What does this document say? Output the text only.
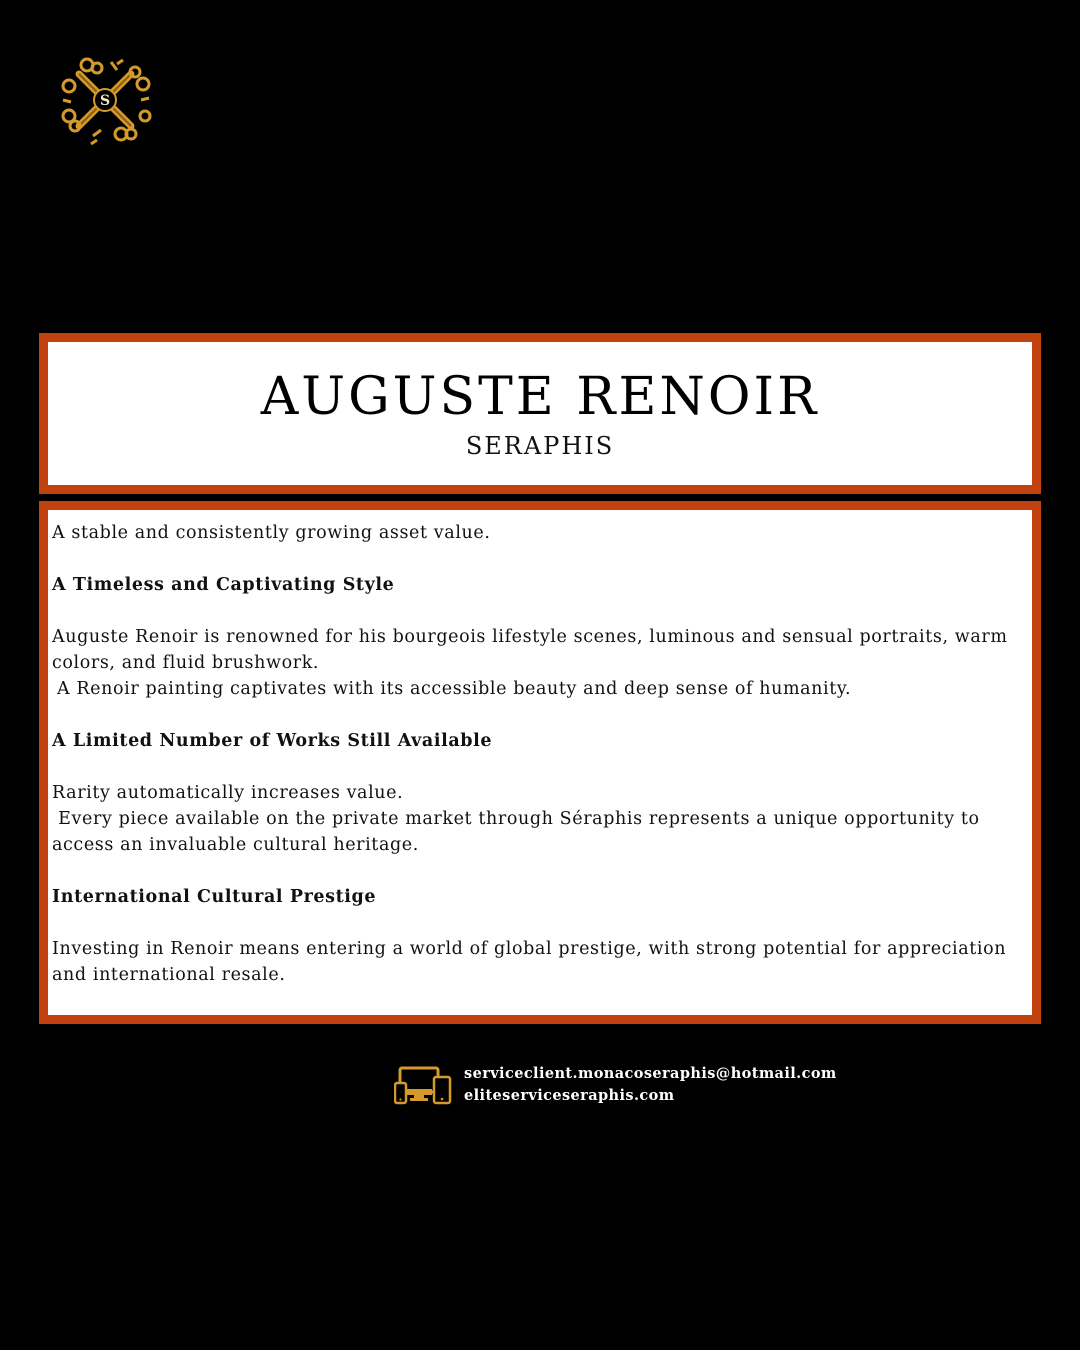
S
AUGUSTE RENOIR
SERAPHIS

A stable and consistently growing asset value.

A Timeless and Captivating Style

Auguste Renoir is renowned for his bourgeois lifestyle scenes, luminous and sensual portraits, warm colors, and fluid brushwork.
A Renoir painting captivates with its accessible beauty and deep sense of humanity.

A Limited Number of Works Still Available

Rarity automatically increases value.
Every piece available on the private market through Séraphis represents a unique opportunity to access an invaluable cultural heritage.

International Cultural Prestige

Investing in Renoir means entering a world of global prestige, with strong potential for appreciation and international resale.

serviceclient.monacoseraphis@hotmail.com
eliteserviceseraphis.com
